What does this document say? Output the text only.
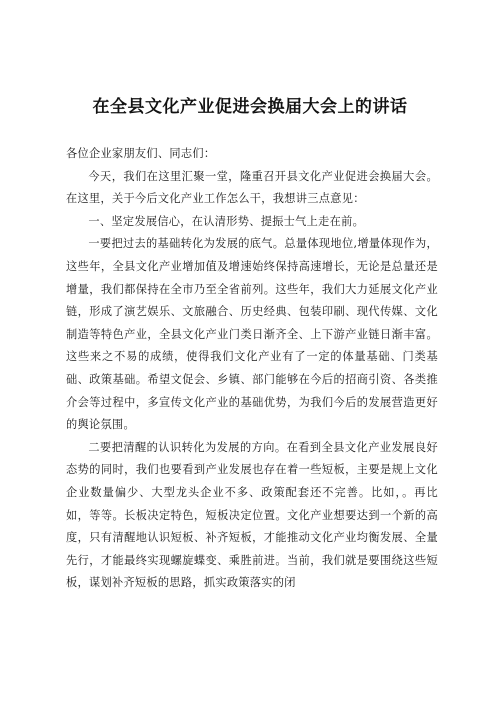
在全县文化产业促进会换届大会上的讲话

各位企业家朋友们、同志们：

今天，我们在这里汇聚一堂，隆重召开县文化产业促进会换届大会。在这里，关于今后文化产业工作怎么干，我想讲三点意见：

一、坚定发展信心，在认清形势、提振士气上走在前。

一要把过去的基础转化为发展的底气。总量体现地位,增量体现作为，这些年，全县文化产业增加值及增速始终保持高速增长，无论是总量还是增量，我们都保持在全市乃至全省前列。这些年，我们大力延展文化产业链，形成了演艺娱乐、文旅融合、历史经典、包装印刷、现代传媒、文化制造等特色产业，全县文化产业门类日渐齐全、上下游产业链日渐丰富。这些来之不易的成绩，使得我们文化产业有了一定的体量基础、门类基础、政策基础。希望文促会、乡镇、部门能够在今后的招商引资、各类推介会等过程中，多宣传文化产业的基础优势，为我们今后的发展营造更好的舆论氛围。

二要把清醒的认识转化为发展的方向。在看到全县文化产业发展良好态势的同时，我们也要看到产业发展也存在着一些短板，主要是规上文化企业数量偏少、大型龙头企业不多、政策配套还不完善。比如，。再比如，等等。长板决定特色，短板决定位置。文化产业想要达到一个新的高度，只有清醒地认识短板、补齐短板，才能推动文化产业均衡发展、全量先行，才能最终实现螺旋蝶变、乘胜前进。当前，我们就是要围绕这些短板，谋划补齐短板的思路，抓实政策落实的闭
